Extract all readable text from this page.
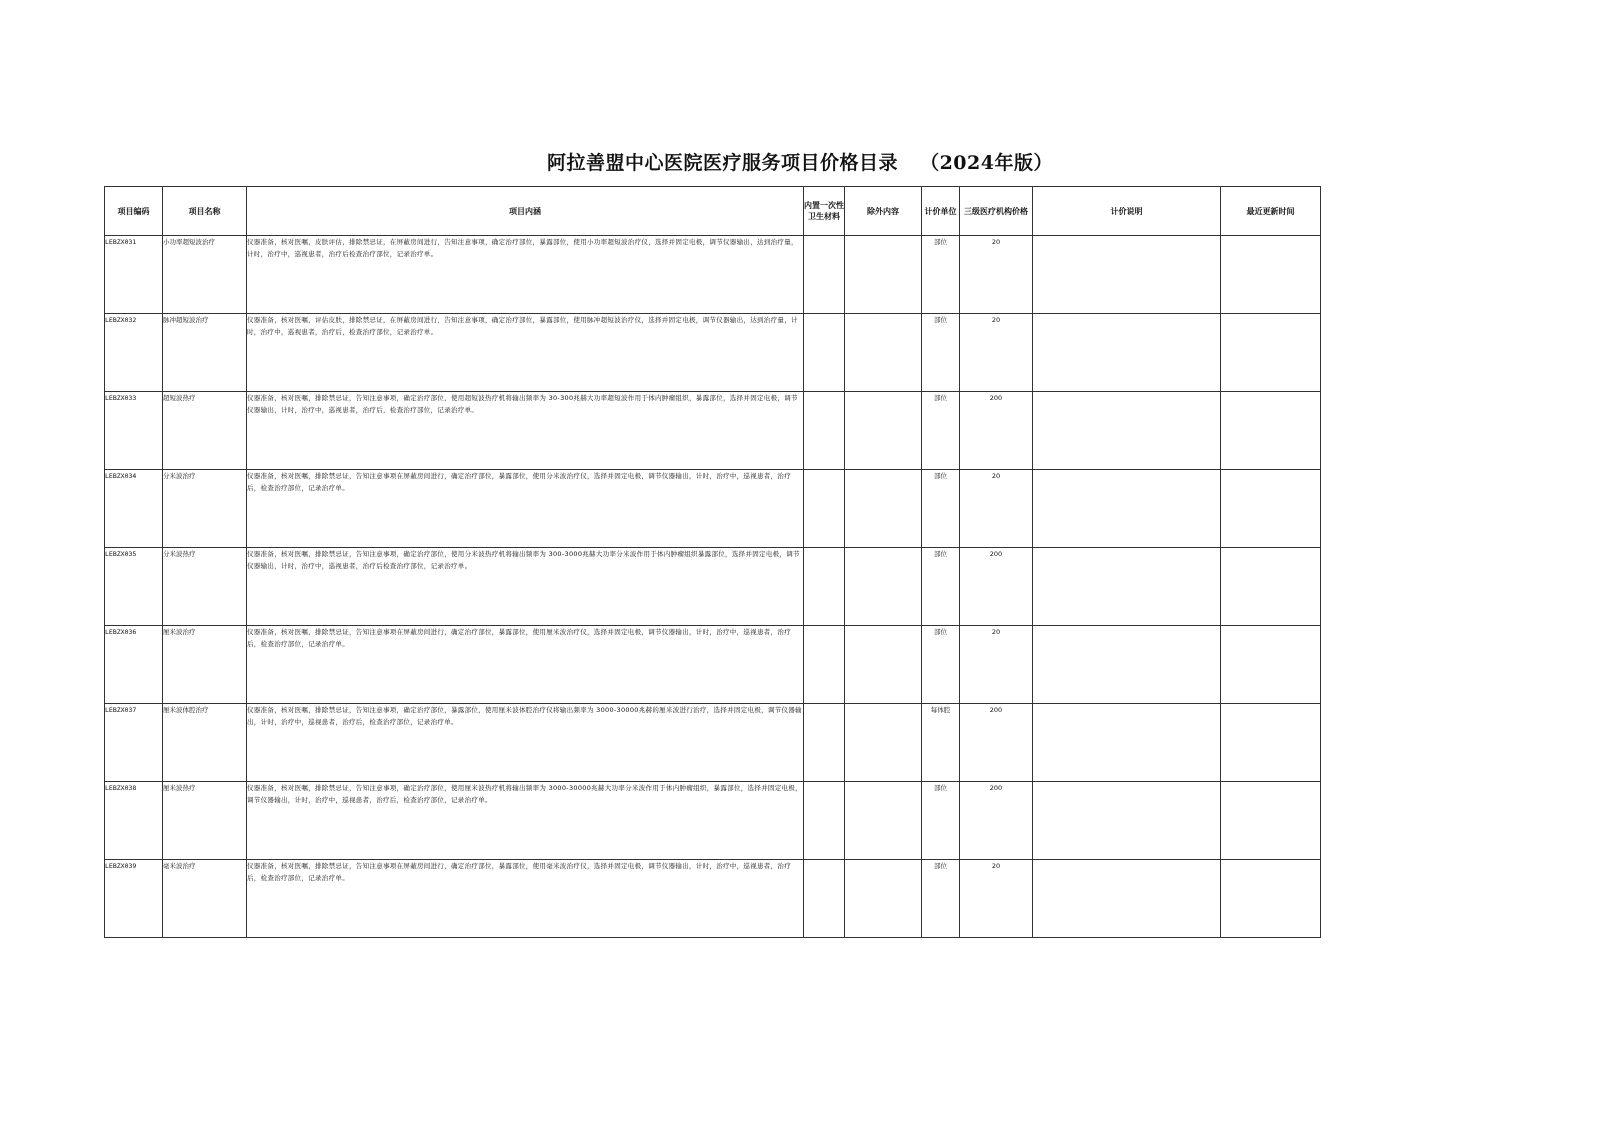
阿拉善盟中心医院医疗服务项目价格目录 （2024年版）
项目编码	项目名称	项目内涵	内置一次性卫生材料	除外内容	计价单位	三级医疗机构价格	计价说明	最近更新时间
LEBZX031	小功率超短波治疗	仪器准备，核对医嘱，皮肤评估，排除禁忌证，在屏蔽房间进行，告知注意事项，确定治疗部位，暴露部位，使用小功率超短波治疗仪，选择并固定电极，调节仪器输出，达到治疗量，计时，治疗中，巡视患者，治疗后检查治疗部位，记录治疗单。			部位	20		
LEBZX032	脉冲超短波治疗	仪器准备，核对医嘱，评估皮肤，排除禁忌证，在屏蔽房间进行，告知注意事项，确定治疗部位，暴露部位，使用脉冲超短波治疗仪，选择并固定电极，调节仪器输出，达到治疗量，计时，治疗中，巡视患者，治疗后，检查治疗部位，记录治疗单。			部位	20		
LEBZX033	超短波热疗	仪器准备，核对医嘱，排除禁忌证，告知注意事项，确定治疗部位，使用超短波热疗机将输出频率为 30-300兆赫大功率超短波作用于体内肿瘤组织，暴露部位，选择并固定电极，调节仪器输出，计时，治疗中，巡视患者，治疗后，检查治疗部位，记录治疗单。			部位	200		
LEBZX034	分米波治疗	仪器准备，核对医嘱，排除禁忌证，告知注意事项在屏蔽房间进行，确定治疗部位，暴露部位，使用分米波治疗仪，选择并固定电极，调节仪器输出，计时，治疗中，巡视患者，治疗后，检查治疗部位，记录治疗单。			部位	20		
LEBZX035	分米波热疗	仪器准备，核对医嘱，排除禁忌证，告知注意事项，确定治疗部位，使用分米波热疗机将输出频率为 300-3000兆赫大功率分米波作用于体内肿瘤组织暴露部位，选择并固定电极，调节仪器输出，计时，治疗中，巡视患者，治疗后检查治疗部位，记录治疗单。			部位	200		
LEBZX036	厘米波治疗	仪器准备，核对医嘱，排除禁忌证，告知注意事项在屏蔽房间进行，确定治疗部位，暴露部位，使用厘米波治疗仪，选择并固定电极，调节仪器输出，计时，治疗中，巡视患者，治疗后，检查治疗部位，记录治疗单。			部位	20		
LEBZX037	厘米波体腔治疗	仪器准备，核对医嘱，排除禁忌证，告知注意事项，确定治疗部位，暴露部位，使用厘米波体腔治疗仪将输出频率为 3000-30000兆赫的厘米波进行治疗，选择并固定电极，调节仪器输出，计时，治疗中，巡视患者，治疗后，检查治疗部位，记录治疗单。			每体腔	200		
LEBZX038	厘米波热疗	仪器准备，核对医嘱，排除禁忌证，告知注意事项，确定治疗部位，使用厘米波热疗机将输出频率为 3000-30000兆赫大功率分米波作用于体内肿瘤组织，暴露部位，选择并固定电极，调节仪器输出，计时，治疗中，巡视患者，治疗后，检查治疗部位，记录治疗单。			部位	200		
LEBZX039	毫米波治疗	仪器准备，核对医嘱，排除禁忌证，告知注意事项在屏蔽房间进行，确定治疗部位，暴露部位，使用毫米波治疗仪，选择并固定电极，调节仪器输出，计时，治疗中，巡视患者，治疗后，检查治疗部位，记录治疗单。			部位	20		
